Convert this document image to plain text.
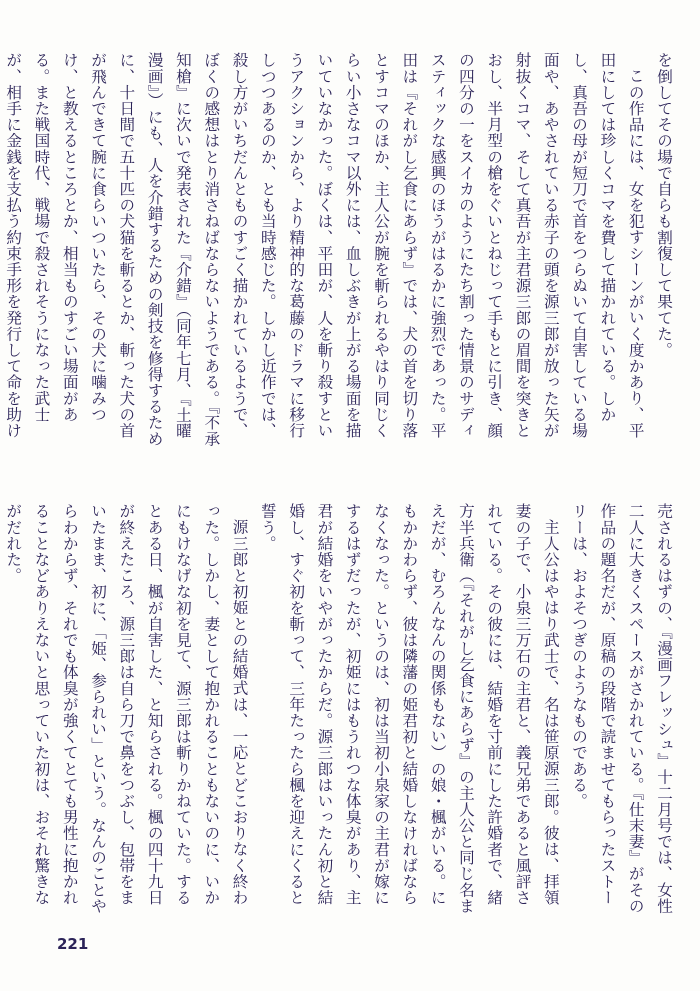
を倒してその場で自らも割復して果てた。

この作品には、女を犯すシーンがいく度かあり、平田にしては珍しくコマを費して描かれている。しかし、真吾の母が短刀で首をつらぬいて自害している場面や、あやされている赤子の頭を源三郎が放った矢が射抜くコマ、そして真吾が主君源三郎の眉間を突きとおし、半月型の槍をぐいとねじって手もとに引き、顔の四分の一をスイカのようにたち割った情景のサディスティックな感興のほうがはるかに強烈であった。平田は『それがし乞食にあらず』では、犬の首を切り落とすコマのほか、主人公が腕を斬られるやはり同じくらい小さなコマ以外には、血しぶきが上がる場面を描いていなかった。ぼくは、平田が、人を斬り殺すというアクションから、より精神的な葛藤のドラマに移行しつつあるのか、とも当時感じた。しかし近作では、殺し方がいちだんとものすごく描かれているようで、ぼくの感想はとり消さねばならないようである。『不承知槍』に次いで発表された『介錯』（同年七月、『土曜漫画』）にも、人を介錯するための剣技を修得するために、十日間で五十匹の犬猫を斬るとか、斬った犬の首が飛んできて腕に食らいついたら、その犬に噛みつけ、と教えるところとか、相当ものすごい場面がある。また戦国時代、戦場で殺されそうになった武士が、相手に金銭を支払う約束手形を発行して命を助け

売されるはずの、『漫画フレッシュ』十二月号では、女性二人に大きくスペースがさかれている。『仕末妻』がその作品の題名だが、原稿の段階で読ませてもらったストーリーは、およそつぎのようなものである。

主人公はやはり武士で、名は笹原源三郎。彼は、拝領妻の子で、小泉三万石の主君と、義兄弟であると風評されている。その彼には、結婚を寸前にした許婚者で、緒方半兵衛（『それがし乞食にあらず』の主人公と同じ名まえだが、むろんなんの関係もない）の娘・楓がいる。にもかかわらず、彼は隣藩の姫君初と結婚しなければならなくなった。というのは、初は当初小泉家の主君が嫁にするはずだったが、初姫にはもうれつな体臭があり、主君が結婚をいやがったからだ。源三郎はいったん初と結婚し、すぐ初を斬って、三年たったら楓を迎えにくると誓う。

源三郎と初姫との結婚式は、一応とどこおりなく終わった。しかし、妻として抱かれることもないのに、いかにもけなげな初を見て、源三郎は斬りかねていた。するとある日、楓が自害した、と知らされる。楓の四十九日が終えたころ、源三郎は自ら刀で鼻をつぶし、包帯をまいたまま、初に、「姫、参られい」という。なんのことやらわからず、それでも体臭が強くてとても男性に抱かれることなどありえないと思っていた初は、おそれ驚きながだれた。

221
